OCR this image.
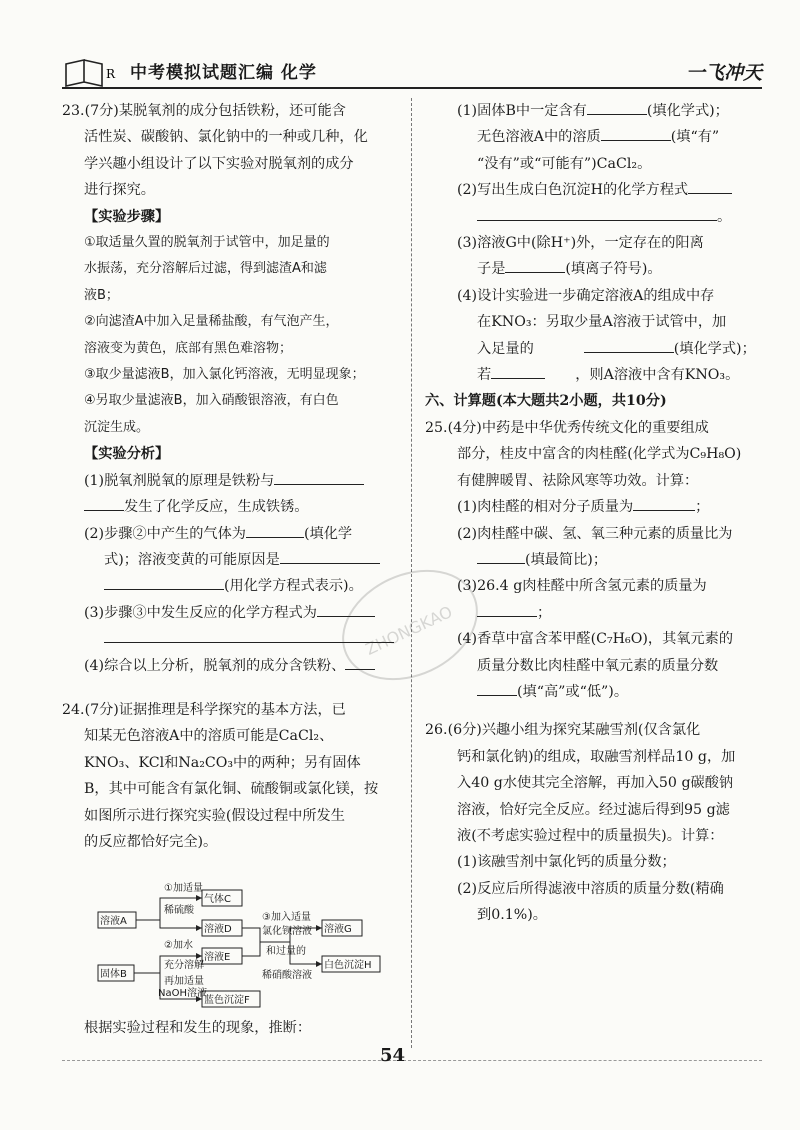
R 中考模拟试题汇编 化学	一飞冲天

23.(7分)某脱氧剂的成分包括铁粉，还可能含

活性炭、碳酸钠、氯化钠中的一种或几种，化

学兴趣小组设计了以下实验对脱氧剂的成分

进行探究。

【实验步骤】

①取适量久置的脱氧剂于试管中，加足量的

水振荡，充分溶解后过滤，得到滤渣A和滤

液B；

②向滤渣A中加入足量稀盐酸，有气泡产生，

溶液变为黄色，底部有黑色难溶物；

③取少量滤液B，加入氯化钙溶液，无明显现象；

④另取少量滤液B，加入硝酸银溶液，有白色

沉淀生成。

【实验分析】

(1)脱氧剂脱氧的原理是铁粉与

发生了化学反应，生成铁锈。

(2)步骤②中产生的气体为	(填化学

式)；溶液变黄的可能原因是

(用化学方程式表示)。

(3)步骤③中发生反应的化学方程式为

(4)综合以上分析，脱氧剂的成分含铁粉、

24.(7分)证据推理是科学探究的基本方法，已

知某无色溶液A中的溶质可能是CaCl₂、

KNO₃、KCl和Na₂CO₃中的两种；另有固体

B，其中可能含有氯化铜、硫酸铜或氯化镁，按

如图所示进行探究实验(假设过程中所发生

的反应都恰好完全)。

溶液A
固体B
气体C
溶液D
溶液E
蓝色沉淀F
溶液G
白色沉淀H
①加适量
稀硫酸
②加水
充分溶解
再加适量
NaOH溶液
③加入适量
氯化钡溶液
和过量的
稀硝酸溶液

根据实验过程和发生的现象，推断：

(1)固体B中一定含有	(填化学式)；

无色溶液A中的溶质	(填“有”

“没有”或“可能有”)CaCl₂。

(2)写出生成白色沉淀H的化学方程式

。

(3)溶液G中(除H⁺)外，一定存在的阳离

子是	(填离子符号)。

(4)设计实验进一步确定溶液A的组成中存

在KNO₃：另取少量A溶液于试管中，加

入足量的	(填化学式)；

若	，则A溶液中含有KNO₃。

六、计算题(本大题共2小题，共10分)

25.(4分)中药是中华优秀传统文化的重要组成

部分，桂皮中富含的肉桂醛(化学式为C₉H₈O)

有健脾暖胃、祛除风寒等功效。计算：

(1)肉桂醛的相对分子质量为	；

(2)肉桂醛中碳、氢、氧三种元素的质量比为

(填最简比)；

(3)26.4 g肉桂醛中所含氢元素的质量为

；

(4)香草中富含苯甲醛(C₇H₆O)，其氧元素的

质量分数比肉桂醛中氧元素的质量分数

(填“高”或“低”)。

26.(6分)兴趣小组为探究某融雪剂(仅含氯化

钙和氯化钠)的组成，取融雪剂样品10 g，加

入40 g水使其完全溶解，再加入50 g碳酸钠

溶液，恰好完全反应。经过滤后得到95 g滤

液(不考虑实验过程中的质量损失)。计算：

(1)该融雪剂中氯化钙的质量分数；

(2)反应后所得滤液中溶质的质量分数(精确

到0.1%)。

ZHONGKAO
54
